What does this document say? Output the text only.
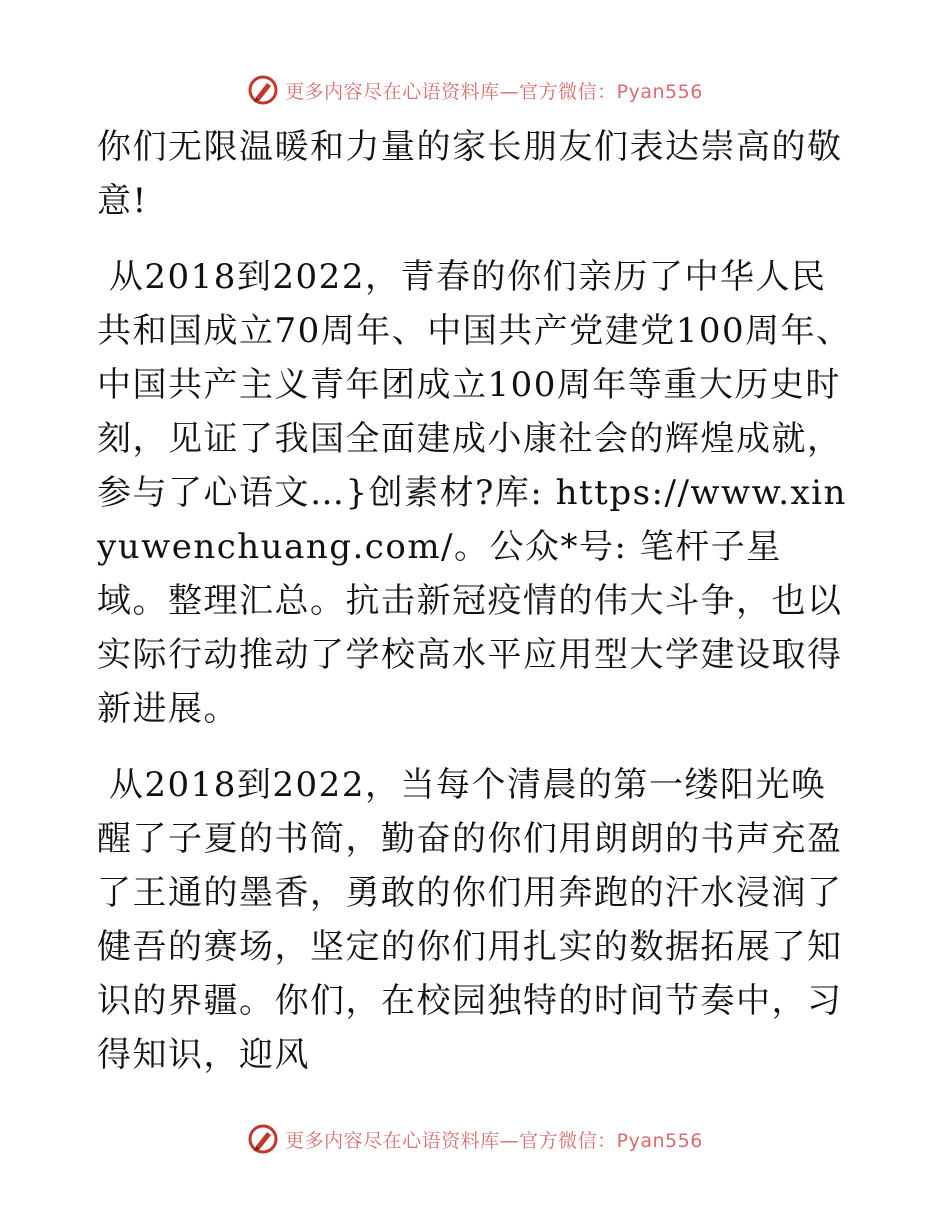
更多内容尽在心语资料库—官方微信：Pyan556

你们无限温暖和力量的家长朋友们表达崇高的敬意!

从2018到2022，青春的你们亲历了中华人民共和国成立70周年、中国共产党建党100周年、中国共产主义青年团成立100周年等重大历史时刻，见证了我国全面建成小康社会的辉煌成就，参与了心语文…}创素材?库: https://www.xinyuwenchuang.com/。公众*号: 笔杆子星域。整理汇总。抗击新冠疫情的伟大斗争，也以实际行动推动了学校高水平应用型大学建设取得新进展。

从2018到2022，当每个清晨的第一缕阳光唤醒了子夏的书简，勤奋的你们用朗朗的书声充盈了王通的墨香，勇敢的你们用奔跑的汗水浸润了健吾的赛场，坚定的你们用扎实的数据拓展了知识的界疆。你们，在校园独特的时间节奏中，习得知识，迎风

更多内容尽在心语资料库—官方微信：Pyan556
